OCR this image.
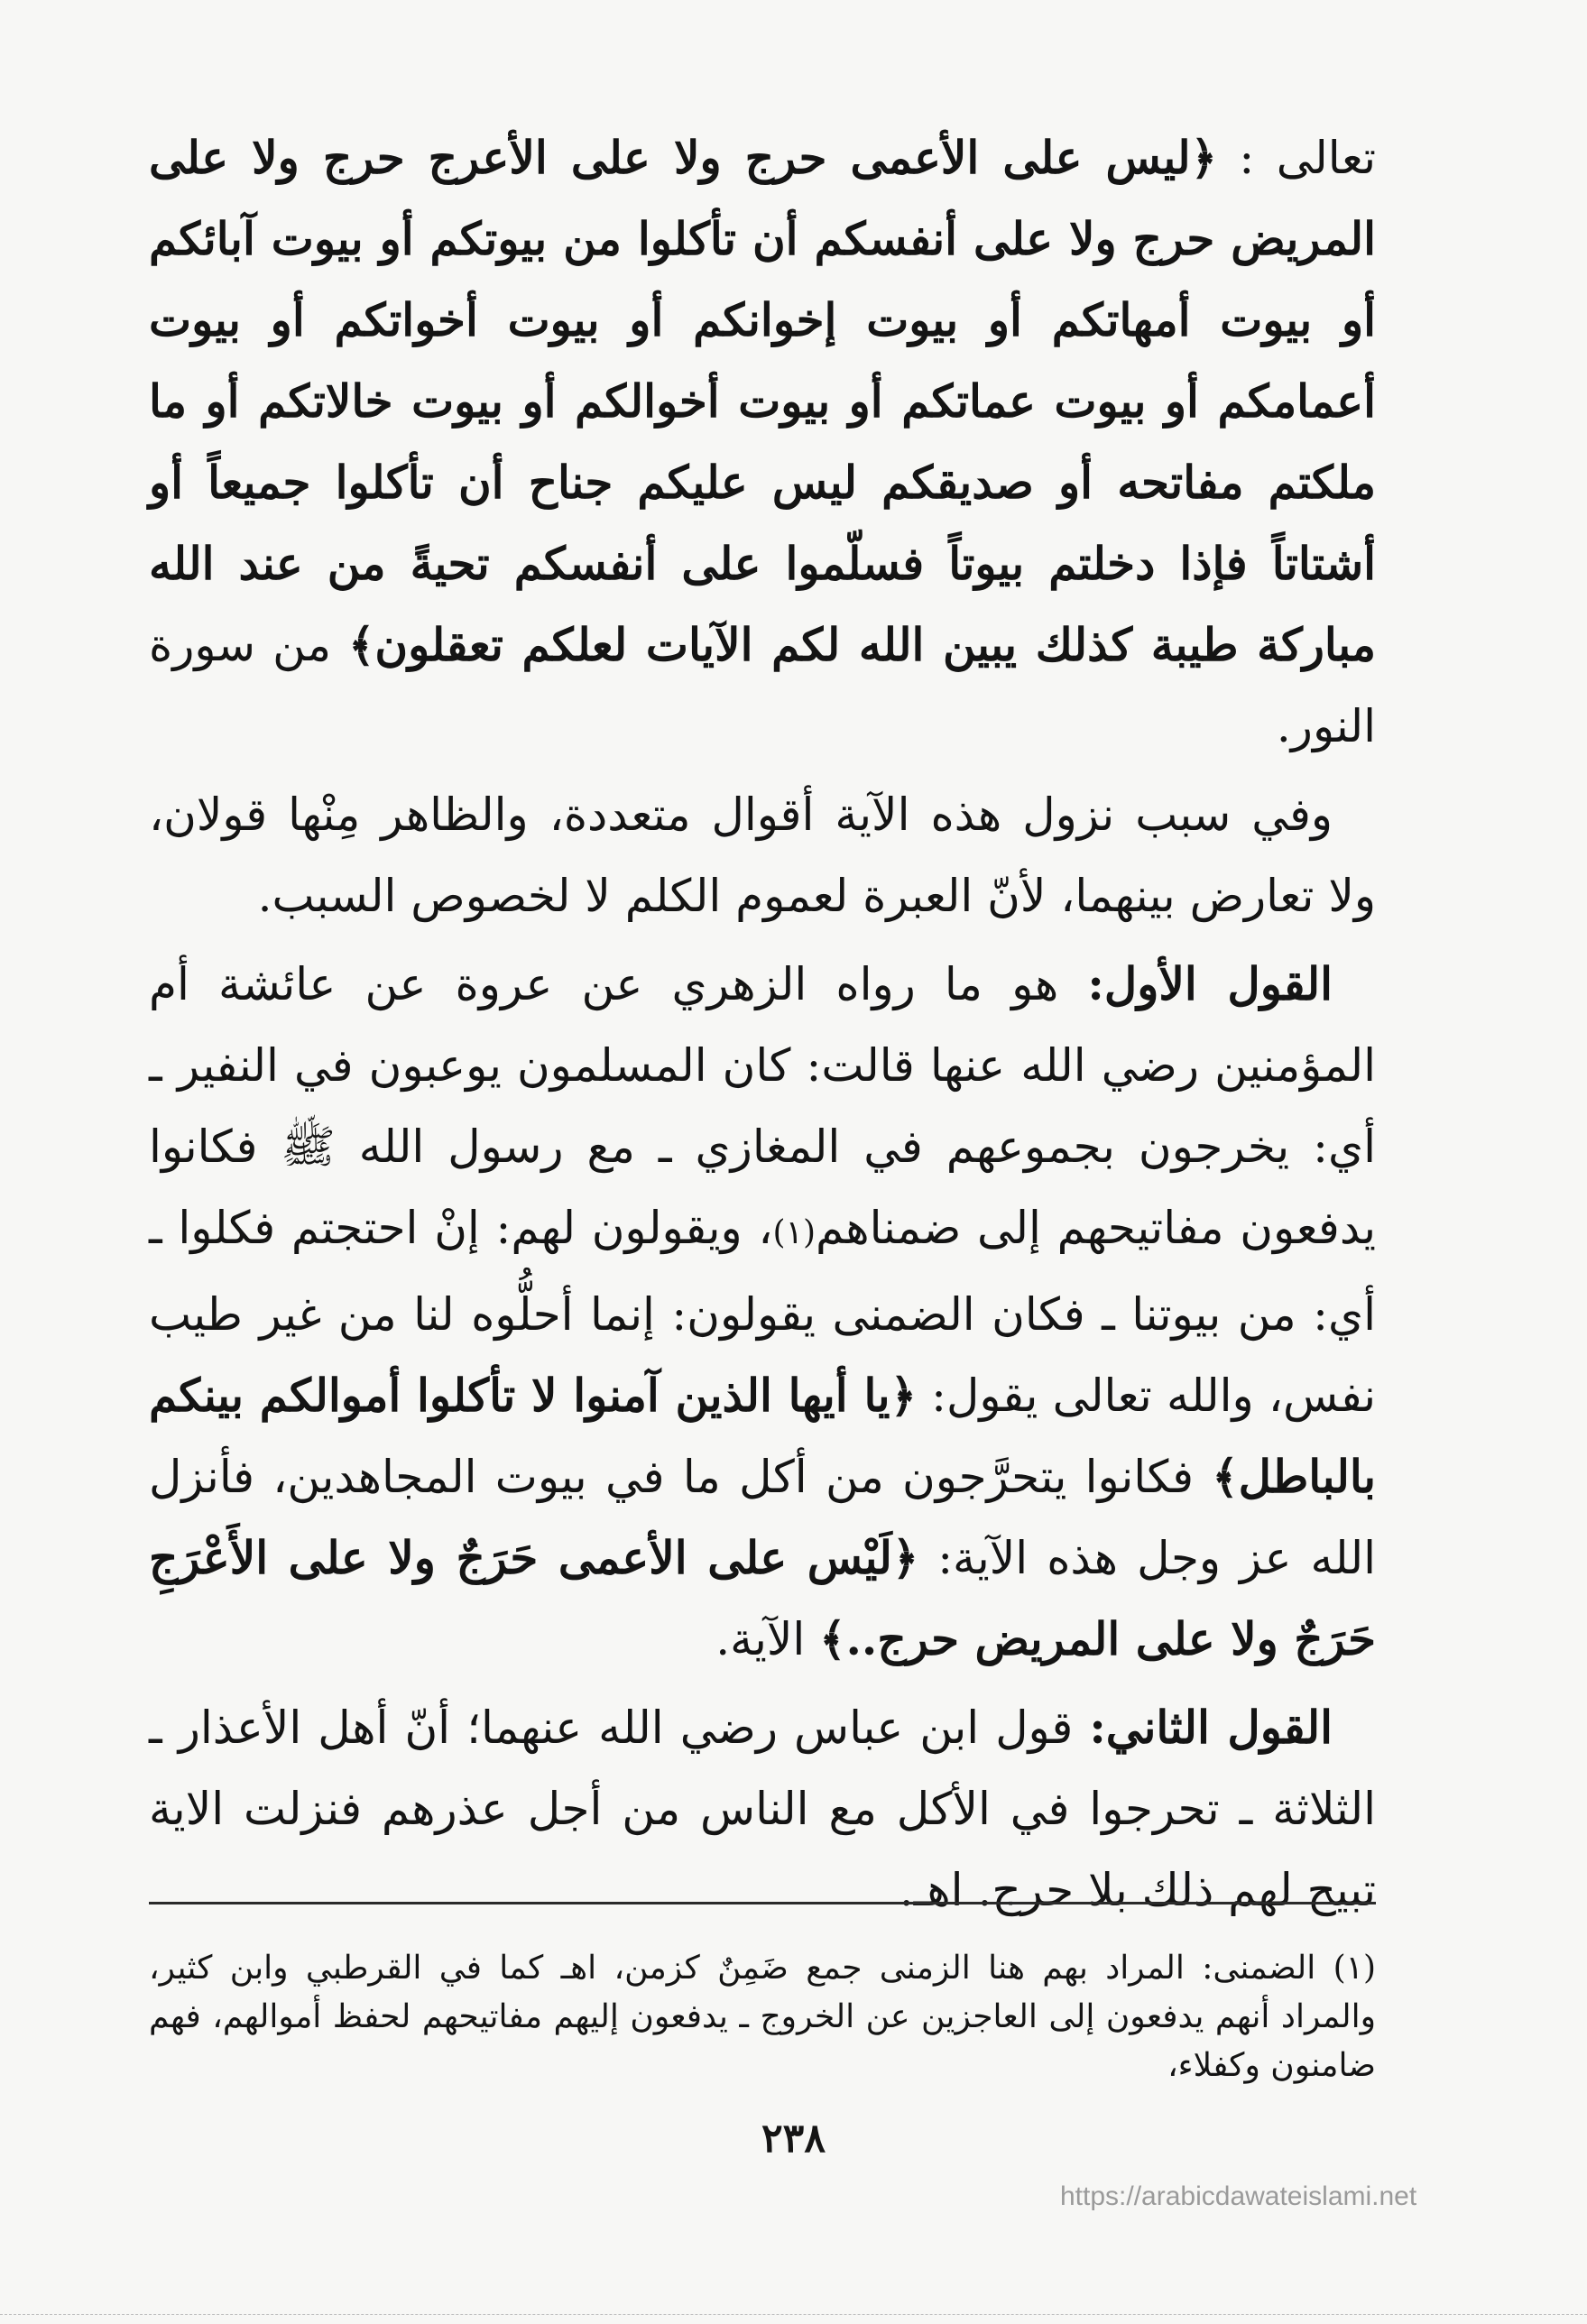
تعالى : ﴿ليس على الأعمى حرج ولا على الأعرج حرج ولا على المريض حرج ولا على أنفسكم أن تأكلوا من بيوتكم أو بيوت آبائكم أو بيوت أمهاتكم أو بيوت إخوانكم أو بيوت أخواتكم أو بيوت أعمامكم أو بيوت عماتكم أو بيوت أخوالكم أو بيوت خالاتكم أو ما ملكتم مفاتحه أو صديقكم ليس عليكم جناح أن تأكلوا جميعاً أو أشتاتاً فإذا دخلتم بيوتاً فسلّموا على أنفسكم تحيةً من عند الله مباركة طيبة كذلك يبين الله لكم الآيات لعلكم تعقلون﴾ من سورة النور.

وفي سبب نزول هذه الآية أقوال متعددة، والظاهر مِنْها قولان، ولا تعارض بينهما، لأنّ العبرة لعموم الكلم لا لخصوص السبب.

القول الأول: هو ما رواه الزهري عن عروة عن عائشة أم المؤمنين رضي الله عنها قالت: كان المسلمون يوعبون في النفير ـ أي: يخرجون بجموعهم في المغازي ـ مع رسول الله ﷺ فكانوا يدفعون مفاتيحهم إلى ضمناهم(١)، ويقولون لهم: إنْ احتجتم فكلوا ـ أي: من بيوتنا ـ فكان الضمنى يقولون: إنما أحلُّوه لنا من غير طيب نفس، والله تعالى يقول: ﴿يا أيها الذين آمنوا لا تأكلوا أموالكم بينكم بالباطل﴾ فكانوا يتحرَّجون من أكل ما في بيوت المجاهدين، فأنزل الله عز وجل هذه الآية: ﴿لَيْس على الأعمى حَرَجٌ ولا على الأَعْرَجِ حَرَجٌ ولا على المريض حرج..﴾ الآية.

القول الثاني: قول ابن عباس رضي الله عنهما؛ أنّ أهل الأعذار ـ الثلاثة ـ تحرجوا في الأكل مع الناس من أجل عذرهم فنزلت الاية تبيح لهم ذلك بلا حرج. اهـ.

(١) الضمنى: المراد بهم هنا الزمنى جمع ضَمِنٌ كزمن، اهـ كما في القرطبي وابن كثير، والمراد أنهم يدفعون إلى العاجزين عن الخروج ـ يدفعون إليهم مفاتيحهم لحفظ أموالهم، فهم ضامنون وكفلاء،

٢٣٨
https://arabicdawateislami.net
